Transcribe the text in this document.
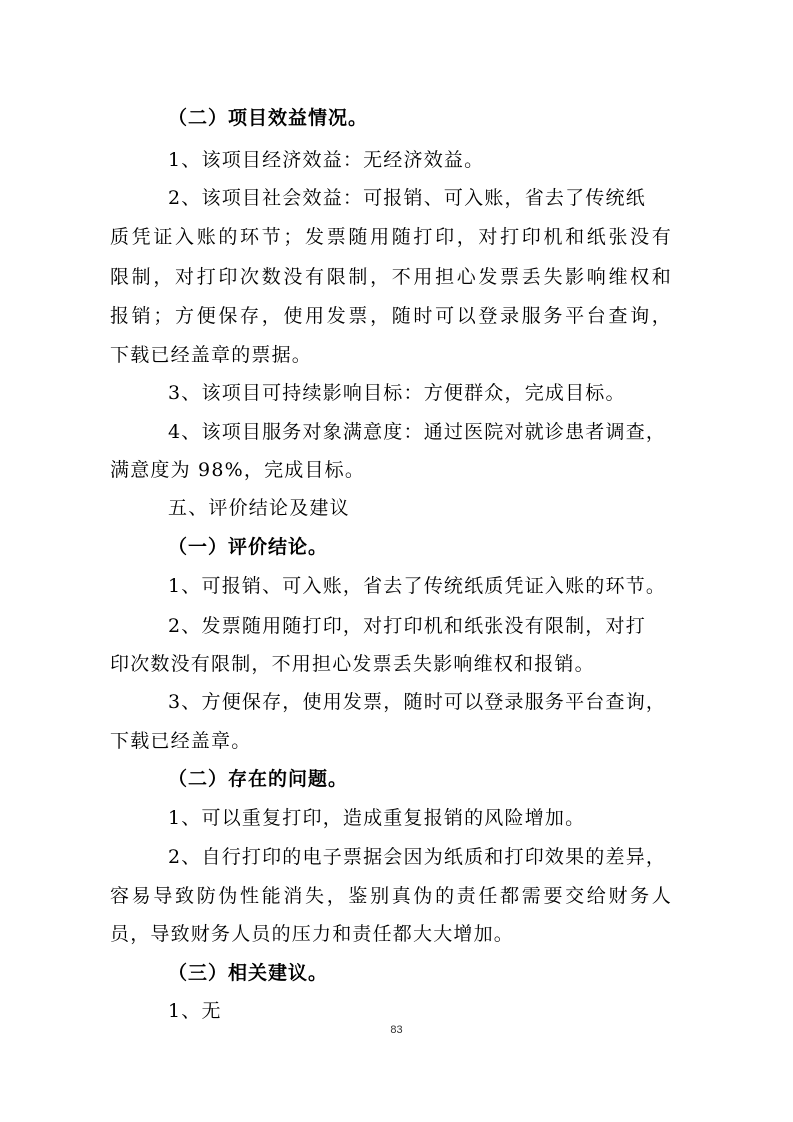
（二）项目效益情况。
1、该项目经济效益：无经济效益。
2、该项目社会效益：可报销、可入账，省去了传统纸
质凭证入账的环节；发票随用随打印，对打印机和纸张没有
限制，对打印次数没有限制，不用担心发票丢失影响维权和
报销；方便保存，使用发票，随时可以登录服务平台查询，
下载已经盖章的票据。
3、该项目可持续影响目标：方便群众，完成目标。
4、该项目服务对象满意度：通过医院对就诊患者调查，
满意度为 98%，完成目标。
五、评价结论及建议
（一）评价结论。
1、可报销、可入账，省去了传统纸质凭证入账的环节。
2、发票随用随打印，对打印机和纸张没有限制，对打
印次数没有限制，不用担心发票丢失影响维权和报销。
3、方便保存，使用发票，随时可以登录服务平台查询，
下载已经盖章。
（二）存在的问题。
1、可以重复打印，造成重复报销的风险增加。
2、自行打印的电子票据会因为纸质和打印效果的差异，
容易导致防伪性能消失，鉴别真伪的责任都需要交给财务人
员，导致财务人员的压力和责任都大大增加。
（三）相关建议。
1、无
83
